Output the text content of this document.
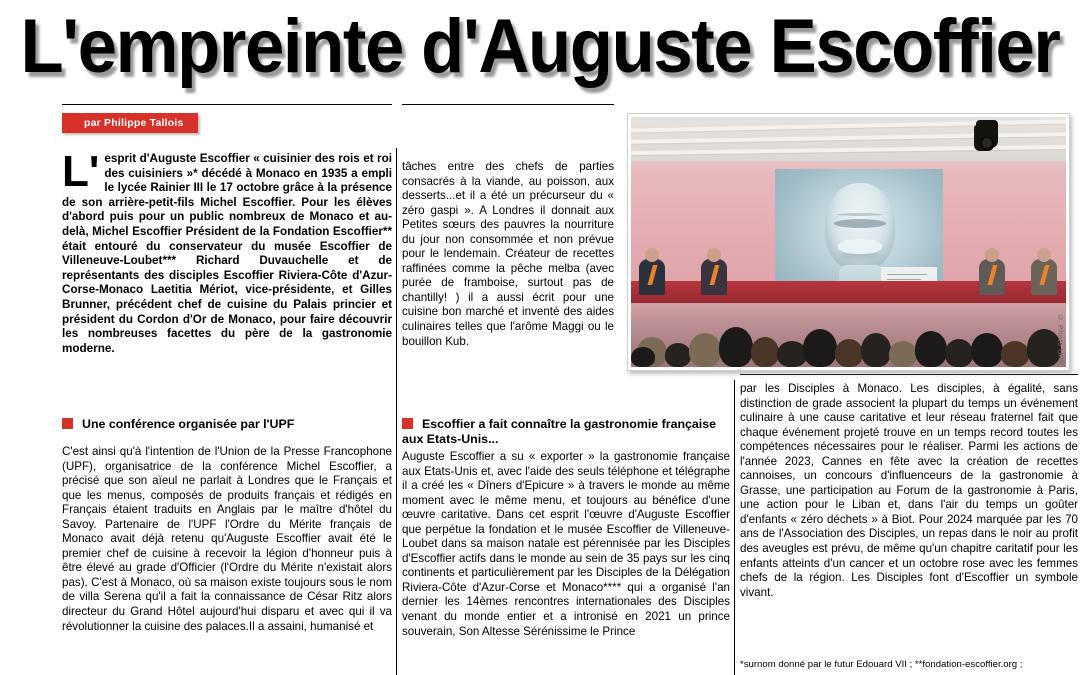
L'empreinte d'Auguste Escoffier
par Philippe Tallois
L'esprit d'Auguste Escoffier « cuisinier des rois et roi des cuisiniers »* décédé à Monaco en 1935 a empli le lycée Rainier III le 17 octobre grâce à la présence de son arrière-petit-fils Michel Escoffier. Pour les élèves d'abord puis pour un public nombreux de Monaco et au-delà, Michel Escoffier Président de la Fondation Escoffier** était entouré du conservateur du musée Escoffier de Villeneuve-Loubet*** Richard Duvauchelle et de représentants des disciples Escoffier Riviera-Côte d'Azur-Corse-Monaco Laetitia Mériot, vice-présidente, et Gilles Brunner, précédent chef de cuisine du Palais princier et président du Cordon d'Or de Monaco, pour faire découvrir les nombreuses facettes du père de la gastronomie moderne.
Une conférence organisée par l'UPF
C'est ainsi qu'à l'intention de l'Union de la Presse Francophone (UPF), organisatrice de la conférence Michel Escoffier, a précisé que son aïeul ne parlait à Londres que le Français et que les menus, composés de produits français et rédigés en Français étaient traduits en Anglais par le maître d'hôtel du Savoy. Partenaire de l'UPF l'Ordre du Mérite français de Monaco avait déjà retenu qu'Auguste Escoffier avait été le premier chef de cuisine à recevoir la légion d'honneur puis à être élevé au grade d'Officier (l'Ordre du Mérite n'existait alors pas). C'est à Monaco, où sa maison existe toujours sous le nom de villa Serena qu'il a fait la connaissance de César Ritz alors directeur du Grand Hôtel aujourd'hui disparu et avec qui il va révolutionner la cuisine des palaces.Il a assaini, humanisé et
tâches entre des chefs de parties consacrés à la viande, au poisson, aux desserts...et il a été un précurseur du « zéro gaspi ». A Londres il donnait aux Petites sœurs des pauvres la nourriture du jour non consommée et non prévue pour le lendemain. Créateur de recettes raffinées comme la pêche melba (avec purée de framboise, surtout pas de chantilly! ) il a aussi écrit pour une cuisine bon marché et inventé des aides culinaires telles que l'arôme Maggi ou le bouillon Kub.
Escoffier a fait connaître la gastronomie française aux Etats-Unis...
Auguste Escoffier a su « exporter » la gastronomie française aux Etats-Unis et, avec l'aide des seuls téléphone et télégraphe il a créé les « Dîners d'Epicure » à travers le monde au même moment avec le même menu, et toujours au bénéfice d'une œuvre caritative. Dans cet esprit l'œuvre d'Auguste Escoffier que perpétue la fondation et le musée Escoffier de Villeneuve-Loubet dans sa maison natale est pérennisée par les Disciples d'Escoffier actifs dans le monde au sein de 35 pays sur les cinq continents et particulièrement par les Disciples de la Délégation Riviera-Côte d'Azur-Corse et Monaco**** qui a organisé l'an dernier les 14èmes rencontres internationales des Disciples venant du monde entier et a intronisé en 2021 un prince souverain, Son Altesse Sérénissime le Prince
par les Disciples à Monaco. Les disciples, à égalité, sans distinction de grade associent la plupart du temps un événement culinaire à une cause caritative et leur réseau fraternel fait que chaque événement projeté trouve en un temps record toutes les compétences nécessaires pour le réaliser. Parmi les actions de l'année 2023, Cannes en fête avec la création de recettes cannoises, un concours d'influenceurs de la gastronomie à Grasse, une participation au Forum de la gastronomie à Paris, une action pour le Liban et, dans l'air du temps un goûter d'enfants « zéro déchets » à Biot. Pour 2024 marquée par les 70 ans de l'Association des Disciples, un repas dans le noir au profit des aveugles est prévu, de même qu'un chapitre caritatif pour les enfants atteints d'un cancer et un octobre rose avec les femmes chefs de la région. Les Disciples font d'Escoffier un symbole vivant.
© Photo UPF
*surnom donné par le futur Edouard VII ; **fondation-escoffier.org ;
